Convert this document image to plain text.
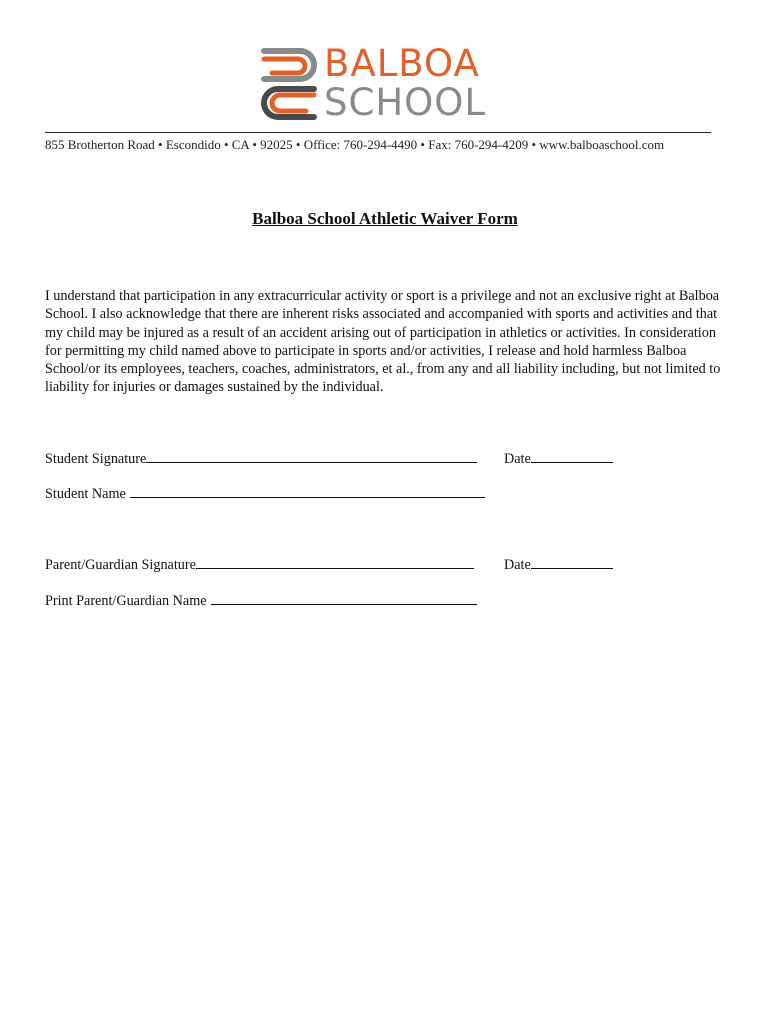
BALBOA
SCHOOL
855 Brotherton Road • Escondido • CA • 92025 • Office: 760-294-4490 • Fax: 760-294-4209 • www.balboaschool.com
Balboa School Athletic Waiver Form
I understand that participation in any extracurricular activity or sport is a privilege and not an exclusive right at Balboa School. I also acknowledge that there are inherent risks associated and accompanied with sports and activities and that my child may be injured as a result of an accident arising out of participation in athletics or activities. In consideration for permitting my child named above to participate in sports and/or activities, I release and hold harmless Balboa School/or its employees, teachers, coaches, administrators, et al., from any and all liability including, but not limited to liability for injuries or damages sustained by the individual.
Student Signature	Date
Student Name
Parent/Guardian Signature	Date
Print Parent/Guardian Name
